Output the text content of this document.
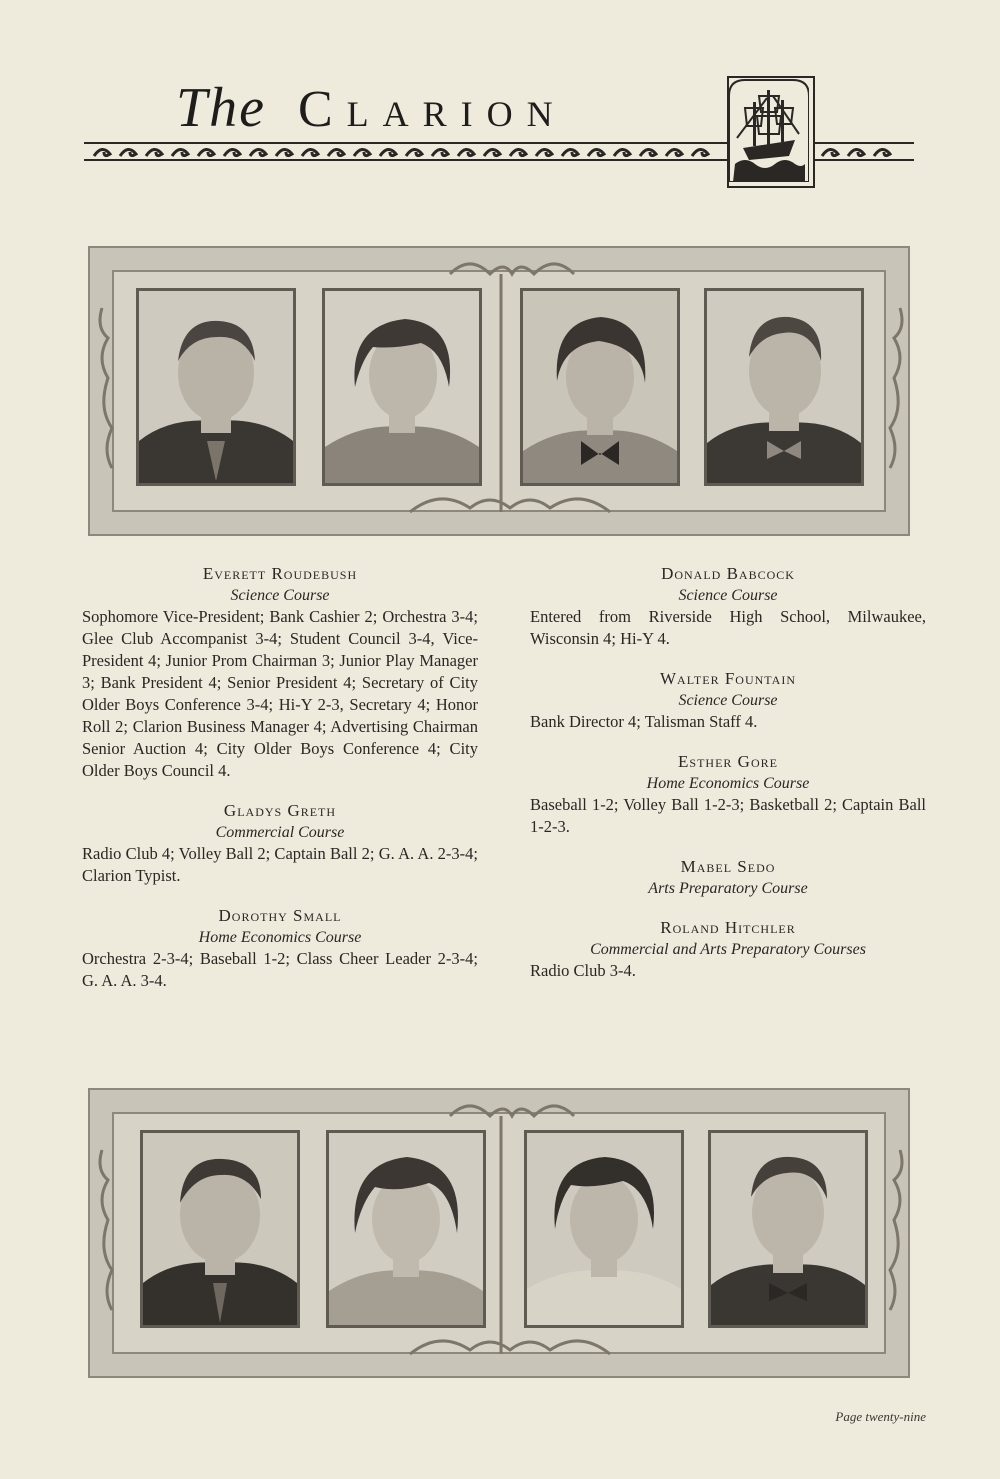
The Clarion
Everett Roudebush
Science Course
Sophomore Vice-President; Bank Cashier 2; Orchestra 3-4; Glee Club Accompanist 3-4; Student Council 3-4, Vice-President 4; Junior Prom Chairman 3; Junior Play Manager 3; Bank President 4; Senior President 4; Secretary of City Older Boys Conference 3-4; Hi-Y 2-3, Secretary 4; Honor Roll 2; Clarion Business Manager 4; Advertising Chairman Senior Auction 4; City Older Boys Conference 4; City Older Boys Council 4.
Gladys Greth
Commercial Course
Radio Club 4; Volley Ball 2; Captain Ball 2; G. A. A. 2-3-4; Clarion Typist.
Dorothy Small
Home Economics Course
Orchestra 2-3-4; Baseball 1-2; Class Cheer Leader 2-3-4; G. A. A. 3-4.
Donald Babcock
Science Course
Entered from Riverside High School, Milwaukee, Wisconsin 4; Hi-Y 4.
Walter Fountain
Science Course
Bank Director 4; Talisman Staff 4.
Esther Gore
Home Economics Course
Baseball 1-2; Volley Ball 1-2-3; Basketball 2; Captain Ball 1-2-3.
Mabel Sedo
Arts Preparatory Course
Roland Hitchler
Commercial and Arts Preparatory Courses
Radio Club 3-4.
Page twenty-nine
